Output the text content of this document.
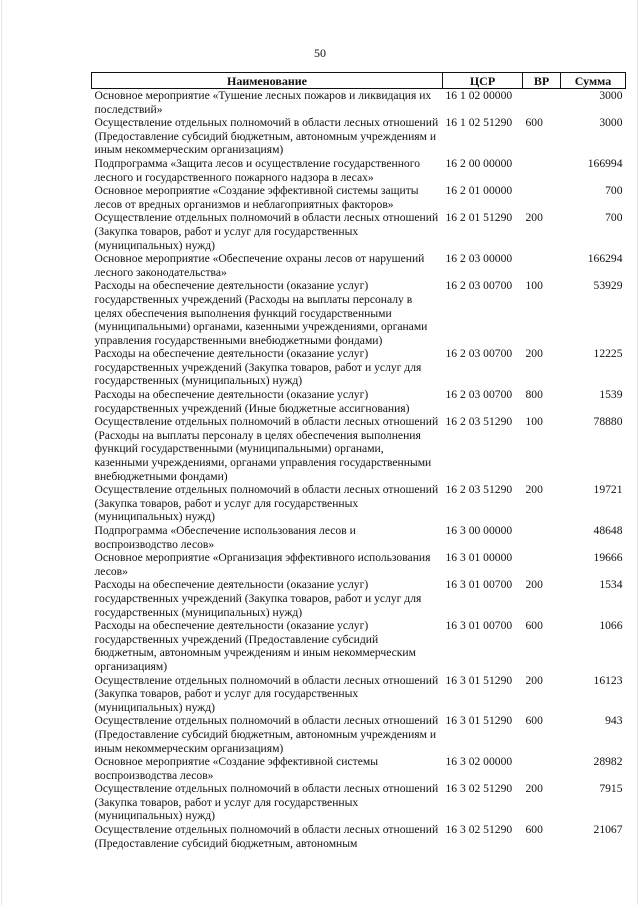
50
Наименование	ЦСР	ВР	Сумма
Основное мероприятие «Тушение лесных пожаров и ликвидация их последствий»	16 1 02 00000		3000
Осуществление отдельных полномочий в области лесных отношений (Предоставление субсидий бюджетным, автономным учреждениям и иным некоммерческим организациям)	16 1 02 51290	600	3000
Подпрограмма «Защита лесов и осуществление государственного лесного и государственного пожарного надзора в лесах»	16 2 00 00000		166994
Основное мероприятие «Создание эффективной системы защиты лесов от вредных организмов и неблагоприятных факторов»	16 2 01 00000		700
Осуществление отдельных полномочий в области лесных отношений (Закупка товаров, работ и услуг для государственных (муниципальных) нужд)	16 2 01 51290	200	700
Основное мероприятие «Обеспечение охраны лесов от нарушений лесного законодательства»	16 2 03 00000		166294
Расходы на обеспечение деятельности (оказание услуг) государственных учреждений (Расходы на выплаты персоналу в целях обеспечения выполнения функций государственными (муниципальными) органами, казенными учреждениями, органами управления государственными внебюджетными фондами)	16 2 03 00700	100	53929
Расходы на обеспечение деятельности (оказание услуг) государственных учреждений (Закупка товаров, работ и услуг для государственных (муниципальных) нужд)	16 2 03 00700	200	12225
Расходы на обеспечение деятельности (оказание услуг) государственных учреждений (Иные бюджетные ассигнования)	16 2 03 00700	800	1539
Осуществление отдельных полномочий в области лесных отношений (Расходы на выплаты персоналу в целях обеспечения выполнения функций государственными (муниципальными) органами, казенными учреждениями, органами управления государственными внебюджетными фондами)	16 2 03 51290	100	78880
Осуществление отдельных полномочий в области лесных отношений (Закупка товаров, работ и услуг для государственных (муниципальных) нужд)	16 2 03 51290	200	19721
Подпрограмма «Обеспечение использования лесов и воспроизводство лесов»	16 3 00 00000		48648
Основное мероприятие «Организация эффективного использования лесов»	16 3 01 00000		19666
Расходы на обеспечение деятельности (оказание услуг) государственных учреждений (Закупка товаров, работ и услуг для государственных (муниципальных) нужд)	16 3 01 00700	200	1534
Расходы на обеспечение деятельности (оказание услуг) государственных учреждений (Предоставление субсидий бюджетным, автономным учреждениям и иным некоммерческим организациям)	16 3 01 00700	600	1066
Осуществление отдельных полномочий в области лесных отношений (Закупка товаров, работ и услуг для государственных (муниципальных) нужд)	16 3 01 51290	200	16123
Осуществление отдельных полномочий в области лесных отношений (Предоставление субсидий бюджетным, автономным учреждениям и иным некоммерческим организациям)	16 3 01 51290	600	943
Основное мероприятие «Создание эффективной системы воспроизводства лесов»	16 3 02 00000		28982
Осуществление отдельных полномочий в области лесных отношений (Закупка товаров, работ и услуг для государственных (муниципальных) нужд)	16 3 02 51290	200	7915
Осуществление отдельных полномочий в области лесных отношений (Предоставление субсидий бюджетным, автономным	16 3 02 51290	600	21067
